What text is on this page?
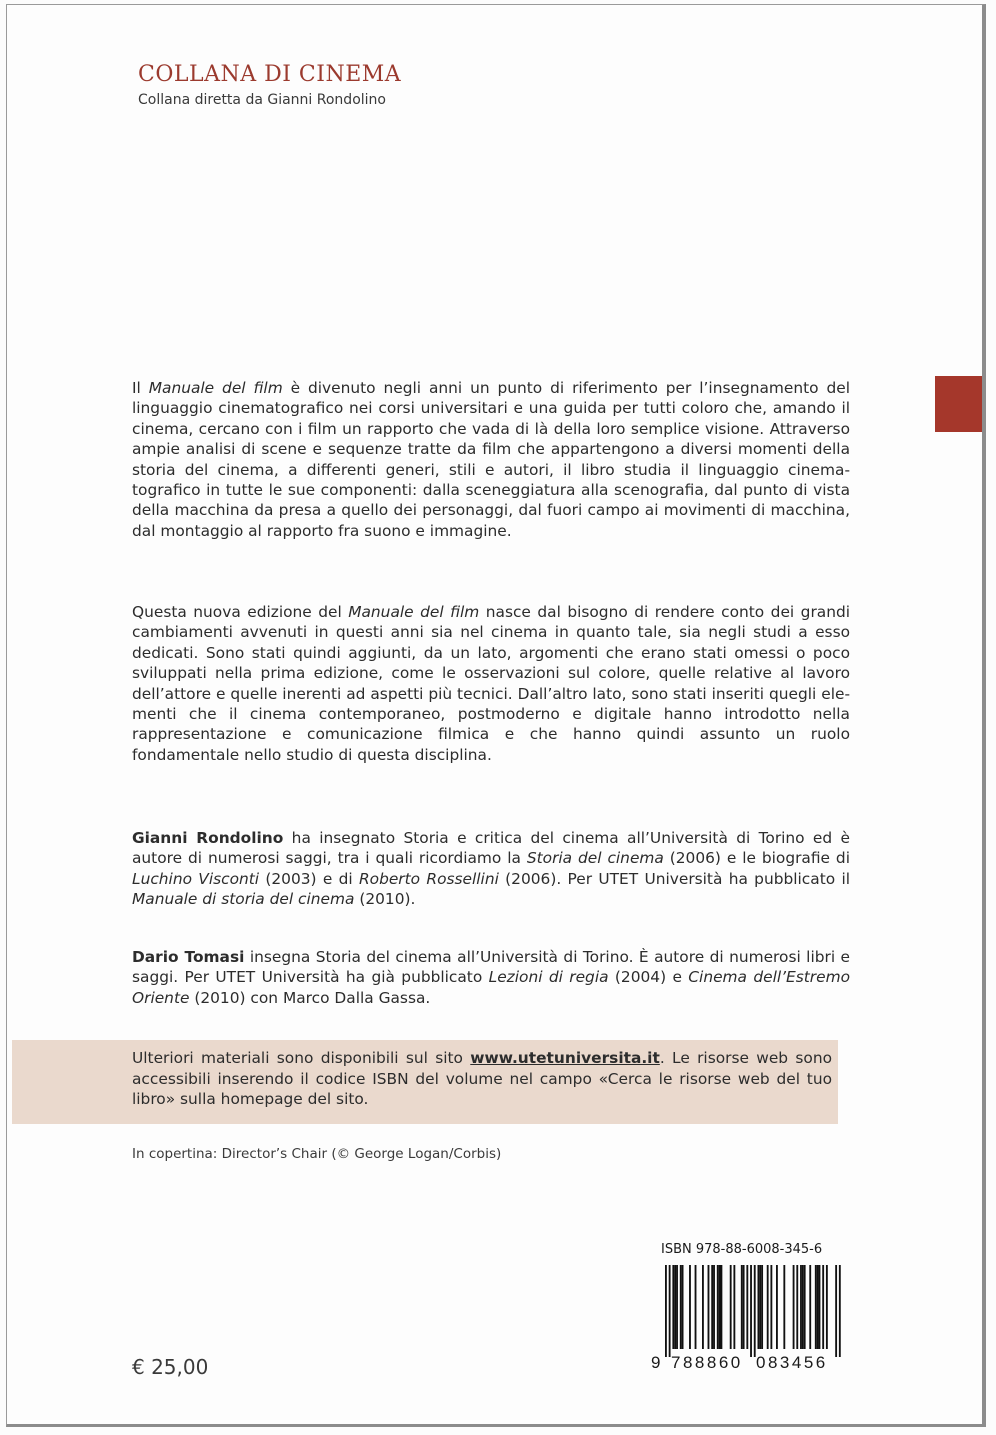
COLLANA DI CINEMA
Collana diretta da Gianni Rondolino

Il Manuale del film è divenuto negli anni un punto di riferimento per l’insegnamento del linguaggio cinematografico nei corsi universitari e una guida per tutti coloro che, amando il cinema, cercano con i film un rapporto che vada di là della loro semplice visione. Attraverso ampie analisi di scene e sequenze tratte da film che appartengono a diversi momenti della storia del cinema, a differenti generi, stili e autori, il libro studia il linguaggio cinematografico in tutte le sue componenti: dalla sceneggiatura alla scenografia, dal punto di vista della macchina da presa a quello dei personaggi, dal fuori campo ai movimenti di macchina, dal montaggio al rapporto fra suono e immagine.

Questa nuova edizione del Manuale del film nasce dal bisogno di rendere conto dei grandi cambiamenti avvenuti in questi anni sia nel cinema in quanto tale, sia negli studi a esso dedicati. Sono stati quindi aggiunti, da un lato, argomenti che erano stati omessi o poco sviluppati nella prima edizione, come le osservazioni sul colore, quelle relative al lavoro dell’attore e quelle inerenti ad aspetti più tecnici. Dall’altro lato, sono stati inseriti quegli elementi che il cinema contemporaneo, postmoderno e digitale hanno introdotto nella rappresentazione e comunicazione filmica e che hanno quindi assunto un ruolo fondamentale nello studio di questa disciplina.

Gianni Rondolino ha insegnato Storia e critica del cinema all’Università di Torino ed è autore di numerosi saggi, tra i quali ricordiamo la Storia del cinema (2006) e le biografie di Luchino Visconti (2003) e di Roberto Rossellini (2006). Per UTET Università ha pubblicato il Manuale di storia del cinema (2010).

Dario Tomasi insegna Storia del cinema all’Università di Torino. È autore di numerosi libri e saggi. Per UTET Università ha già pubblicato Lezioni di regia (2004) e Cinema dell’Estremo Oriente (2010) con Marco Dalla Gassa.

Ulteriori materiali sono disponibili sul sito www.utetuniversita.it. Le risorse web sono accessibili inserendo il codice ISBN del volume nel campo «Cerca le risorse web del tuo libro» sulla homepage del sito.

In copertina: Director’s Chair (© George Logan/Corbis)
ISBN 978-88-6008-345-6
9 788860 083456
€ 25,00
